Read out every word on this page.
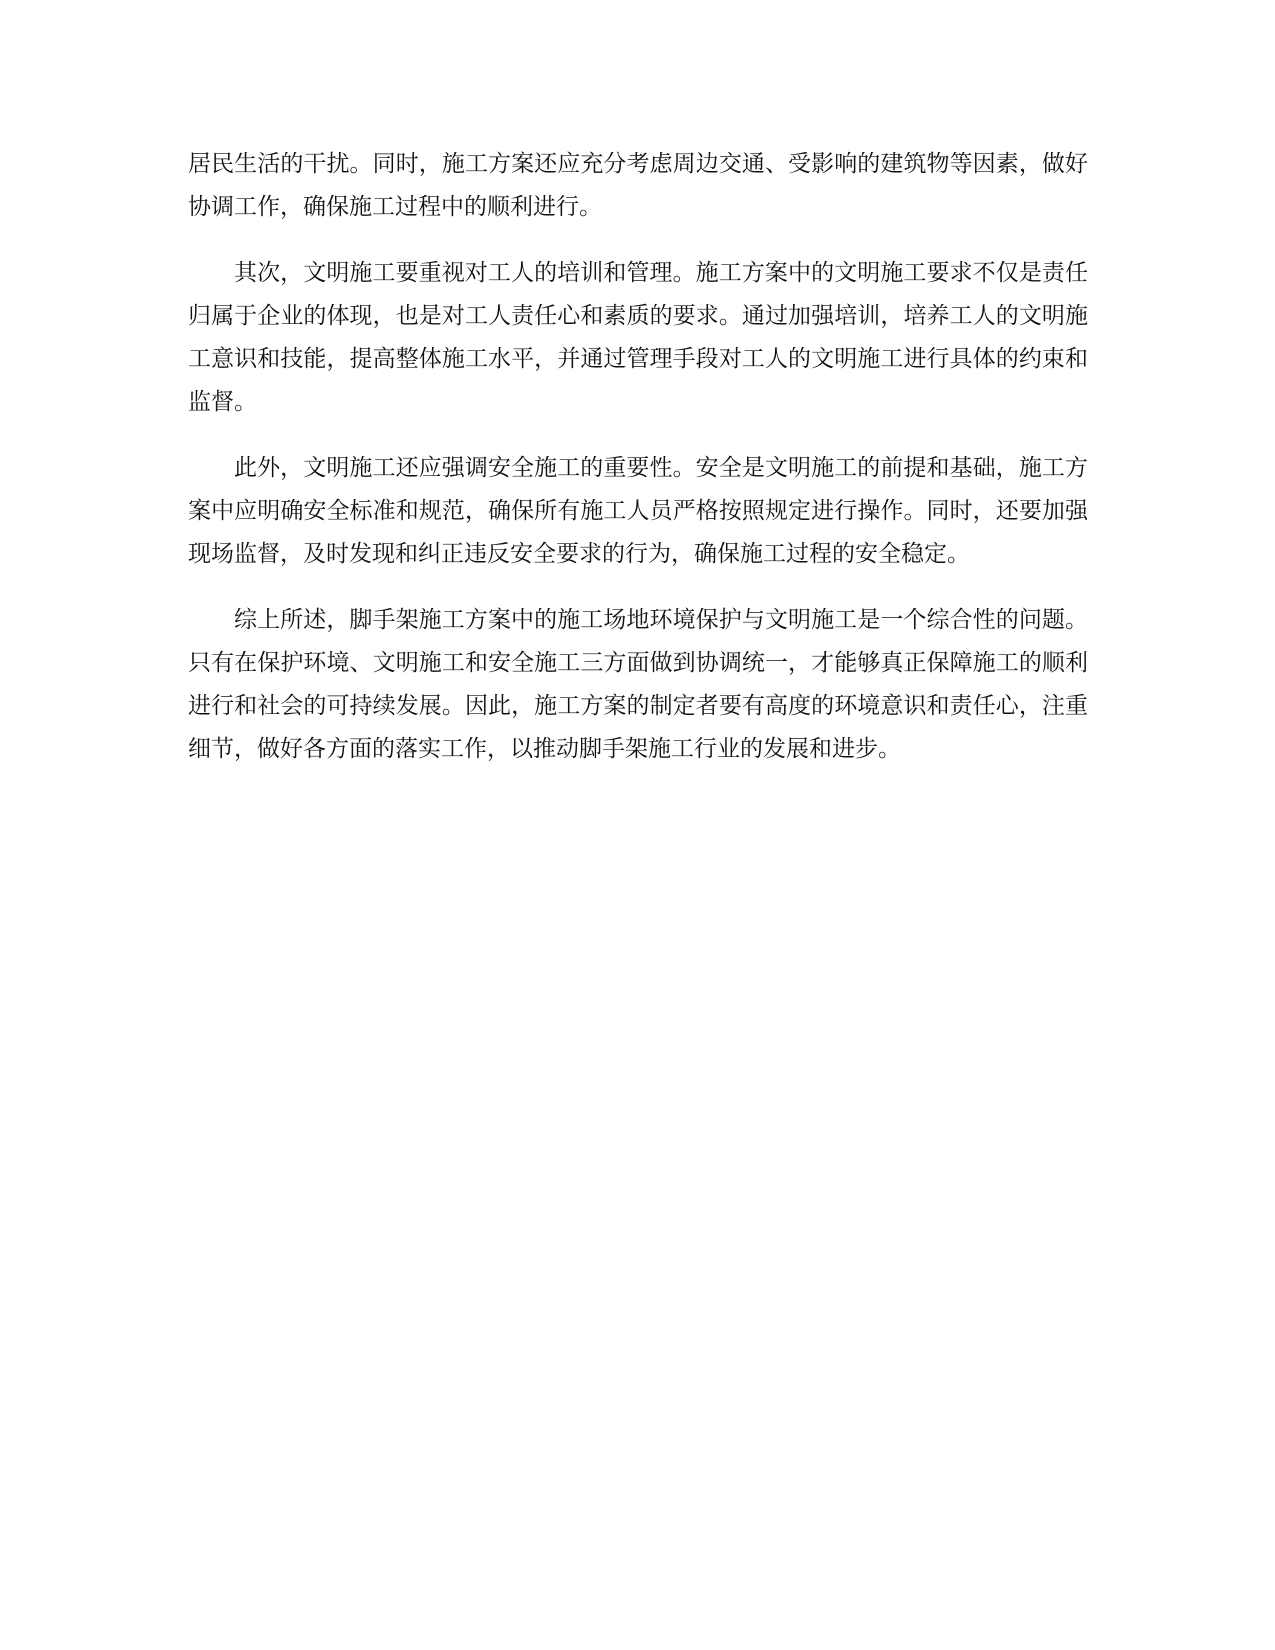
居民生活的干扰。同时，施工方案还应充分考虑周边交通、受影响的建筑物等因素，做好协调工作，确保施工过程中的顺利进行。

其次，文明施工要重视对工人的培训和管理。施工方案中的文明施工要求不仅是责任归属于企业的体现，也是对工人责任心和素质的要求。通过加强培训，培养工人的文明施工意识和技能，提高整体施工水平，并通过管理手段对工人的文明施工进行具体的约束和监督。

此外，文明施工还应强调安全施工的重要性。安全是文明施工的前提和基础，施工方案中应明确安全标准和规范，确保所有施工人员严格按照规定进行操作。同时，还要加强现场监督，及时发现和纠正违反安全要求的行为，确保施工过程的安全稳定。

综上所述，脚手架施工方案中的施工场地环境保护与文明施工是一个综合性的问题。只有在保护环境、文明施工和安全施工三方面做到协调统一，才能够真正保障施工的顺利进行和社会的可持续发展。因此，施工方案的制定者要有高度的环境意识和责任心，注重细节，做好各方面的落实工作，以推动脚手架施工行业的发展和进步。
